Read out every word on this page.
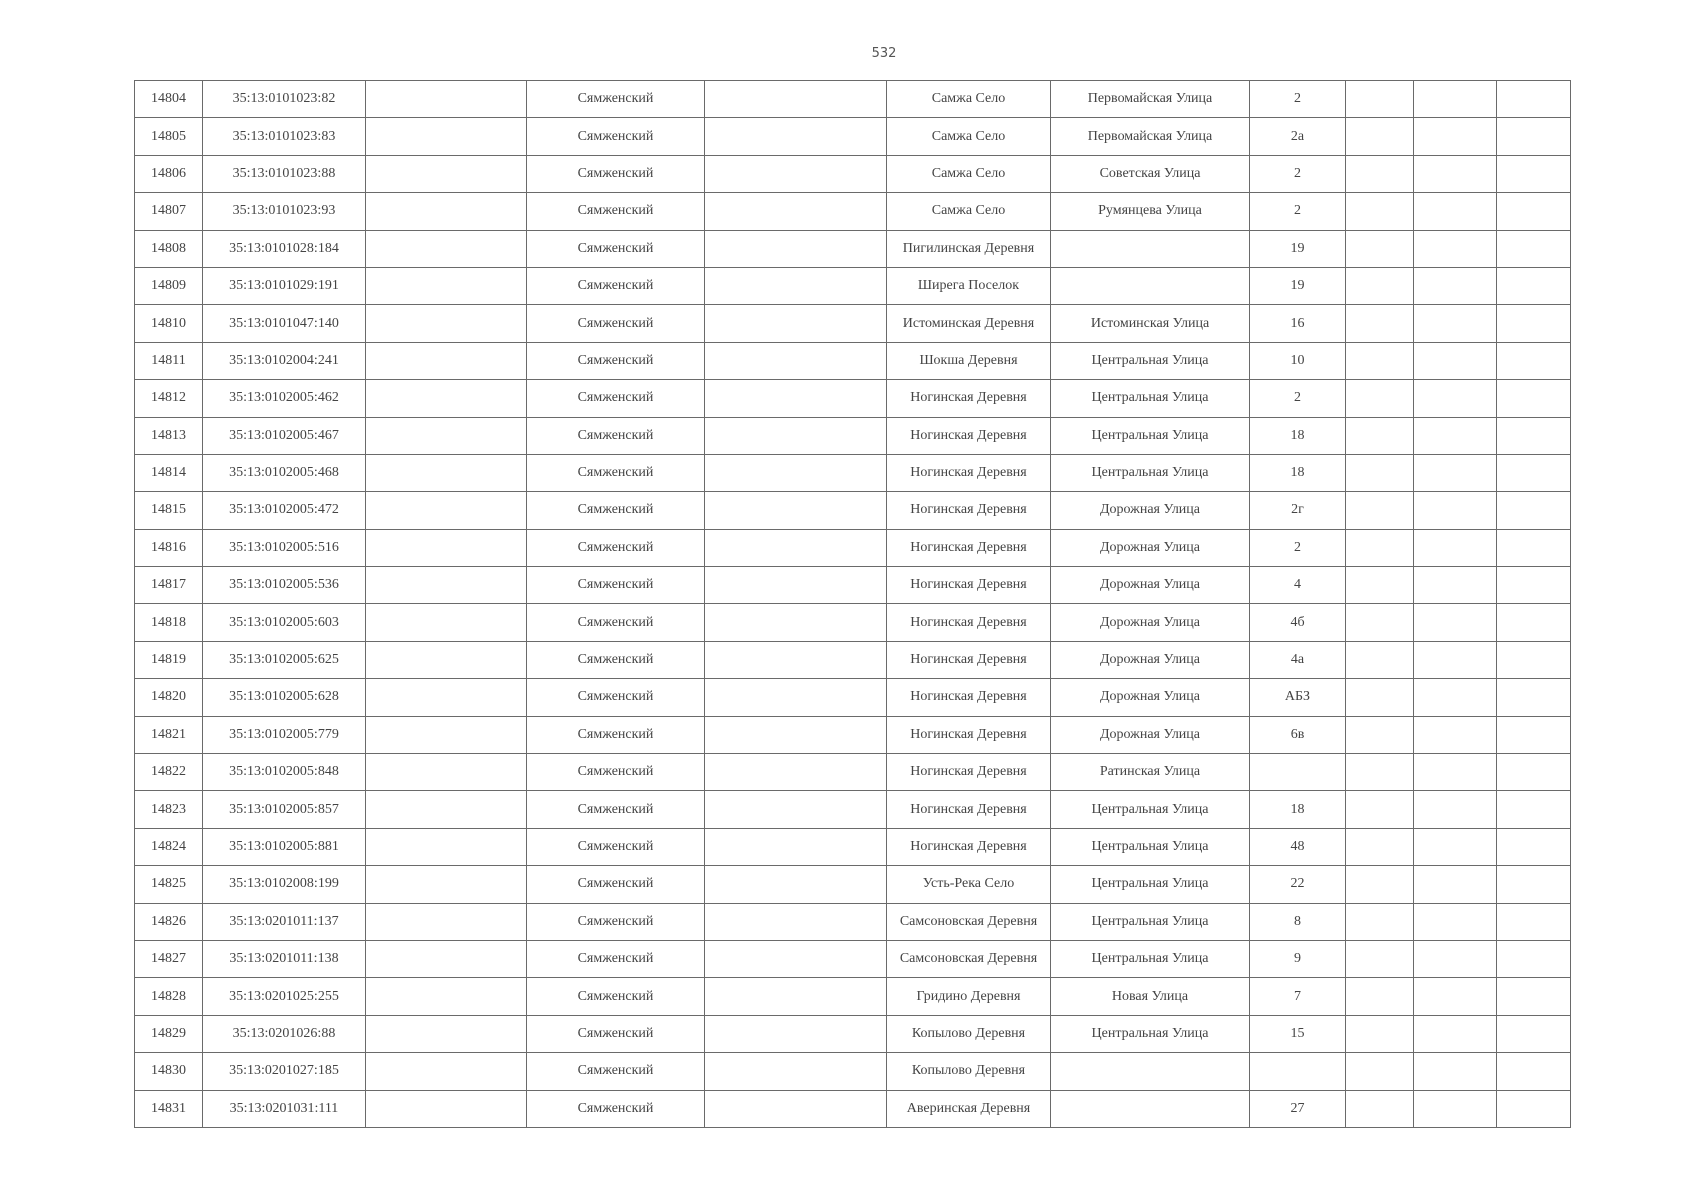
532
14804	35:13:0101023:82		Сямженский		Самжа Село	Первомайская Улица	2			
14805	35:13:0101023:83		Сямженский		Самжа Село	Первомайская Улица	2а			
14806	35:13:0101023:88		Сямженский		Самжа Село	Советская Улица	2			
14807	35:13:0101023:93		Сямженский		Самжа Село	Румянцева Улица	2			
14808	35:13:0101028:184		Сямженский		Пигилинская Деревня		19			
14809	35:13:0101029:191		Сямженский		Ширега Поселок		19			
14810	35:13:0101047:140		Сямженский		Истоминская Деревня	Истоминская Улица	16			
14811	35:13:0102004:241		Сямженский		Шокша Деревня	Центральная Улица	10			
14812	35:13:0102005:462		Сямженский		Ногинская Деревня	Центральная Улица	2			
14813	35:13:0102005:467		Сямженский		Ногинская Деревня	Центральная Улица	18			
14814	35:13:0102005:468		Сямженский		Ногинская Деревня	Центральная Улица	18			
14815	35:13:0102005:472		Сямженский		Ногинская Деревня	Дорожная Улица	2г			
14816	35:13:0102005:516		Сямженский		Ногинская Деревня	Дорожная Улица	2			
14817	35:13:0102005:536		Сямженский		Ногинская Деревня	Дорожная Улица	4			
14818	35:13:0102005:603		Сямженский		Ногинская Деревня	Дорожная Улица	4б			
14819	35:13:0102005:625		Сямженский		Ногинская Деревня	Дорожная Улица	4а			
14820	35:13:0102005:628		Сямженский		Ногинская Деревня	Дорожная Улица	АБЗ			
14821	35:13:0102005:779		Сямженский		Ногинская Деревня	Дорожная Улица	6в			
14822	35:13:0102005:848		Сямженский		Ногинская Деревня	Ратинская Улица				
14823	35:13:0102005:857		Сямженский		Ногинская Деревня	Центральная Улица	18			
14824	35:13:0102005:881		Сямженский		Ногинская Деревня	Центральная Улица	48			
14825	35:13:0102008:199		Сямженский		Усть-Река Село	Центральная Улица	22			
14826	35:13:0201011:137		Сямженский		Самсоновская Деревня	Центральная Улица	8			
14827	35:13:0201011:138		Сямженский		Самсоновская Деревня	Центральная Улица	9			
14828	35:13:0201025:255		Сямженский		Гридино Деревня	Новая Улица	7			
14829	35:13:0201026:88		Сямженский		Копылово Деревня	Центральная Улица	15			
14830	35:13:0201027:185		Сямженский		Копылово Деревня					
14831	35:13:0201031:111		Сямженский		Аверинская Деревня		27			
